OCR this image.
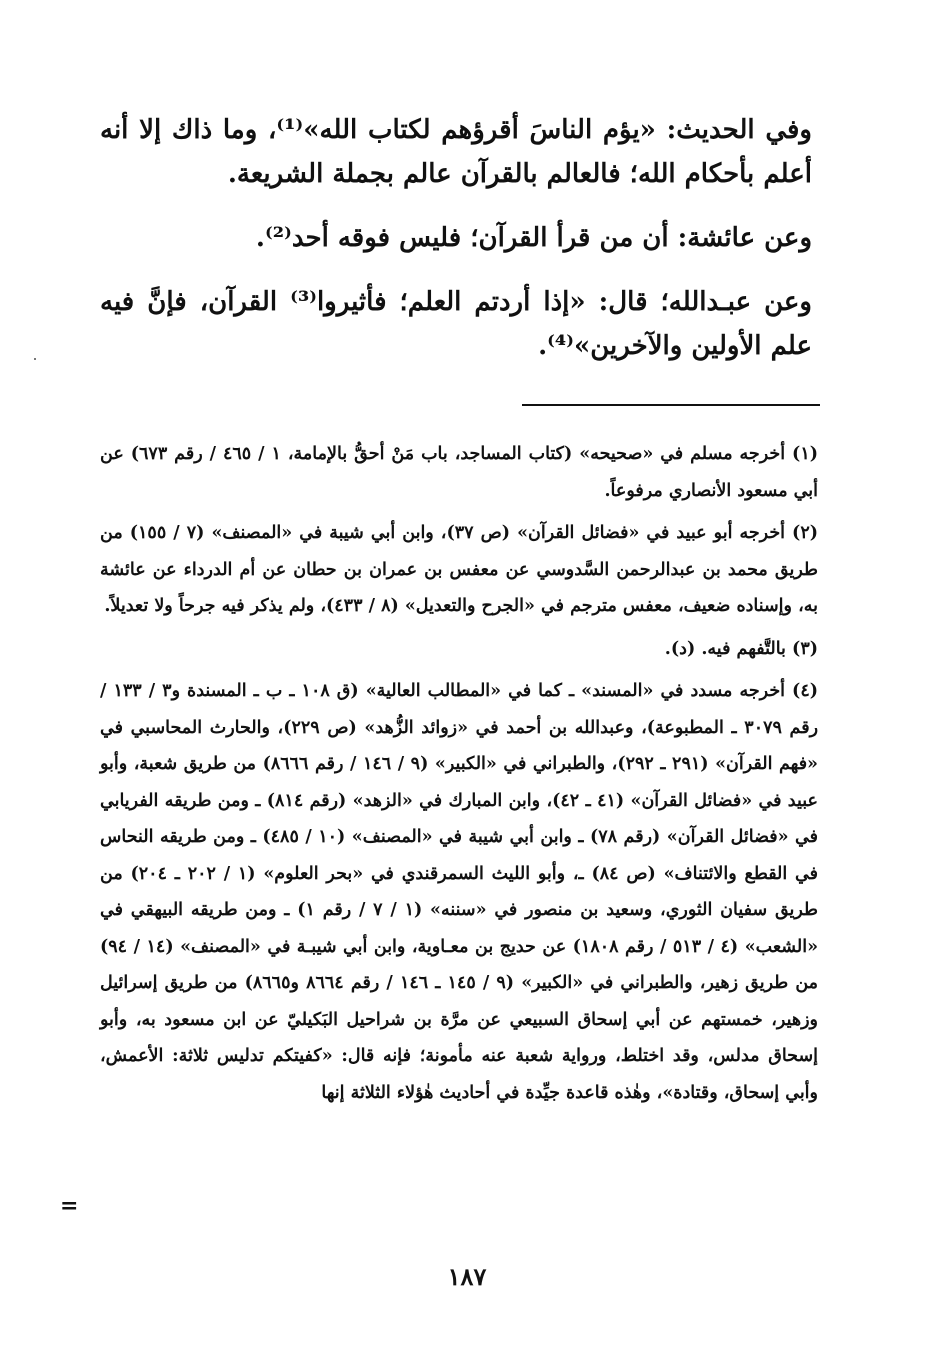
وفي الحديث: «يؤم الناسَ أقرؤهم لكتاب الله»⁽¹⁾، وما ذاك إلا أنه أعلم بأحكام الله؛ فالعالم بالقرآن عالم بجملة الشريعة.

وعن عائشة: أن من قرأ القرآن؛ فليس فوقه أحد⁽²⁾.

وعن عبـدالله؛ قال: «إذا أردتم العلم؛ فأثيروا⁽³⁾ القرآن، فإنَّ فيه علم الأولين والآخرين»⁽⁴⁾.

(١) أخرجه مسلم في «صحيحه» (كتاب المساجد، باب مَنْ أحقُّ بالإمامة، ١ / ٤٦٥ / رقم ٦٧٣) عن أبي مسعود الأنصاري مرفوعاً.

(٢) أخرجه أبو عبيد في «فضائل القرآن» (ص ٣٧)، وابن أبي شيبة في «المصنف» (٧ / ١٥٥) من طريق محمد بن عبدالرحمن السَّدوسي عن معفس بن عمران بن حطان عن أم الدرداء عن عائشة به، وإسناده ضعيف، معفس مترجم في «الجرح والتعديل» (٨ / ٤٣٣)، ولم يذكر فيه جرحاً ولا تعديلاً.

(٣) بالتَّفهم فيه. (د).

(٤) أخرجه مسدد في «المسند» ـ كما في «المطالب العالية» (ق ١٠٨ ـ ب ـ المسندة و٣ / ١٣٣ / رقم ٣٠٧٩ ـ المطبوعة)، وعبدالله بن أحمد في «زوائد الزُّهد» (ص ٢٢٩)، والحارث المحاسبي في «فهم القرآن» (٢٩١ ـ ٢٩٢)، والطبراني في «الكبير» (٩ / ١٤٦ / رقم ٨٦٦٦) من طريق شعبة، وأبو عبيد في «فضائل القرآن» (٤١ ـ ٤٢)، وابن المبارك في «الزهد» (رقم ٨١٤) ـ ومن طريقه الفريابي في «فضائل القرآن» (رقم ٧٨) ـ وابن أبي شيبة في «المصنف» (١٠ / ٤٨٥) ـ ومن طريقه النحاس في القطع والائتناف» (ص ٨٤) ـ، وأبو الليث السمرقندي في «بحر العلوم» (١ / ٢٠٢ ـ ٢٠٤) من طريق سفيان الثوري، وسعيد بن منصور في «سننه» (١ / ٧ / رقم ١) ـ ومن طريقه البيهقي في «الشعب» (٤ / ٥١٣ / رقم ١٨٠٨) عن حديج بن معـاوية، وابن أبي شيبـة في «المصنف» (١٤ / ٩٤) من طريق زهير، والطبراني في «الكبير» (٩ / ١٤٥ ـ ١٤٦ / رقم ٨٦٦٤ و٨٦٦٥) من طريق إسرائيل وزهير، خمستهم عن أبي إسحاق السبيعي عن مرَّة بن شراحيل البَكيليّ عن ابن مسعود به، وأبو إسحاق مدلس، وقد اختلط، ورواية شعبة عنه مأمونة؛ فإنه قال: «كفيتكم تدليس ثلاثة: الأعمش، وأبي إسحاق، وقتادة»، وهٰذه قاعدة جيِّدة في أحاديث هٰؤلاء الثلاثة إنها

=
١٨٧
